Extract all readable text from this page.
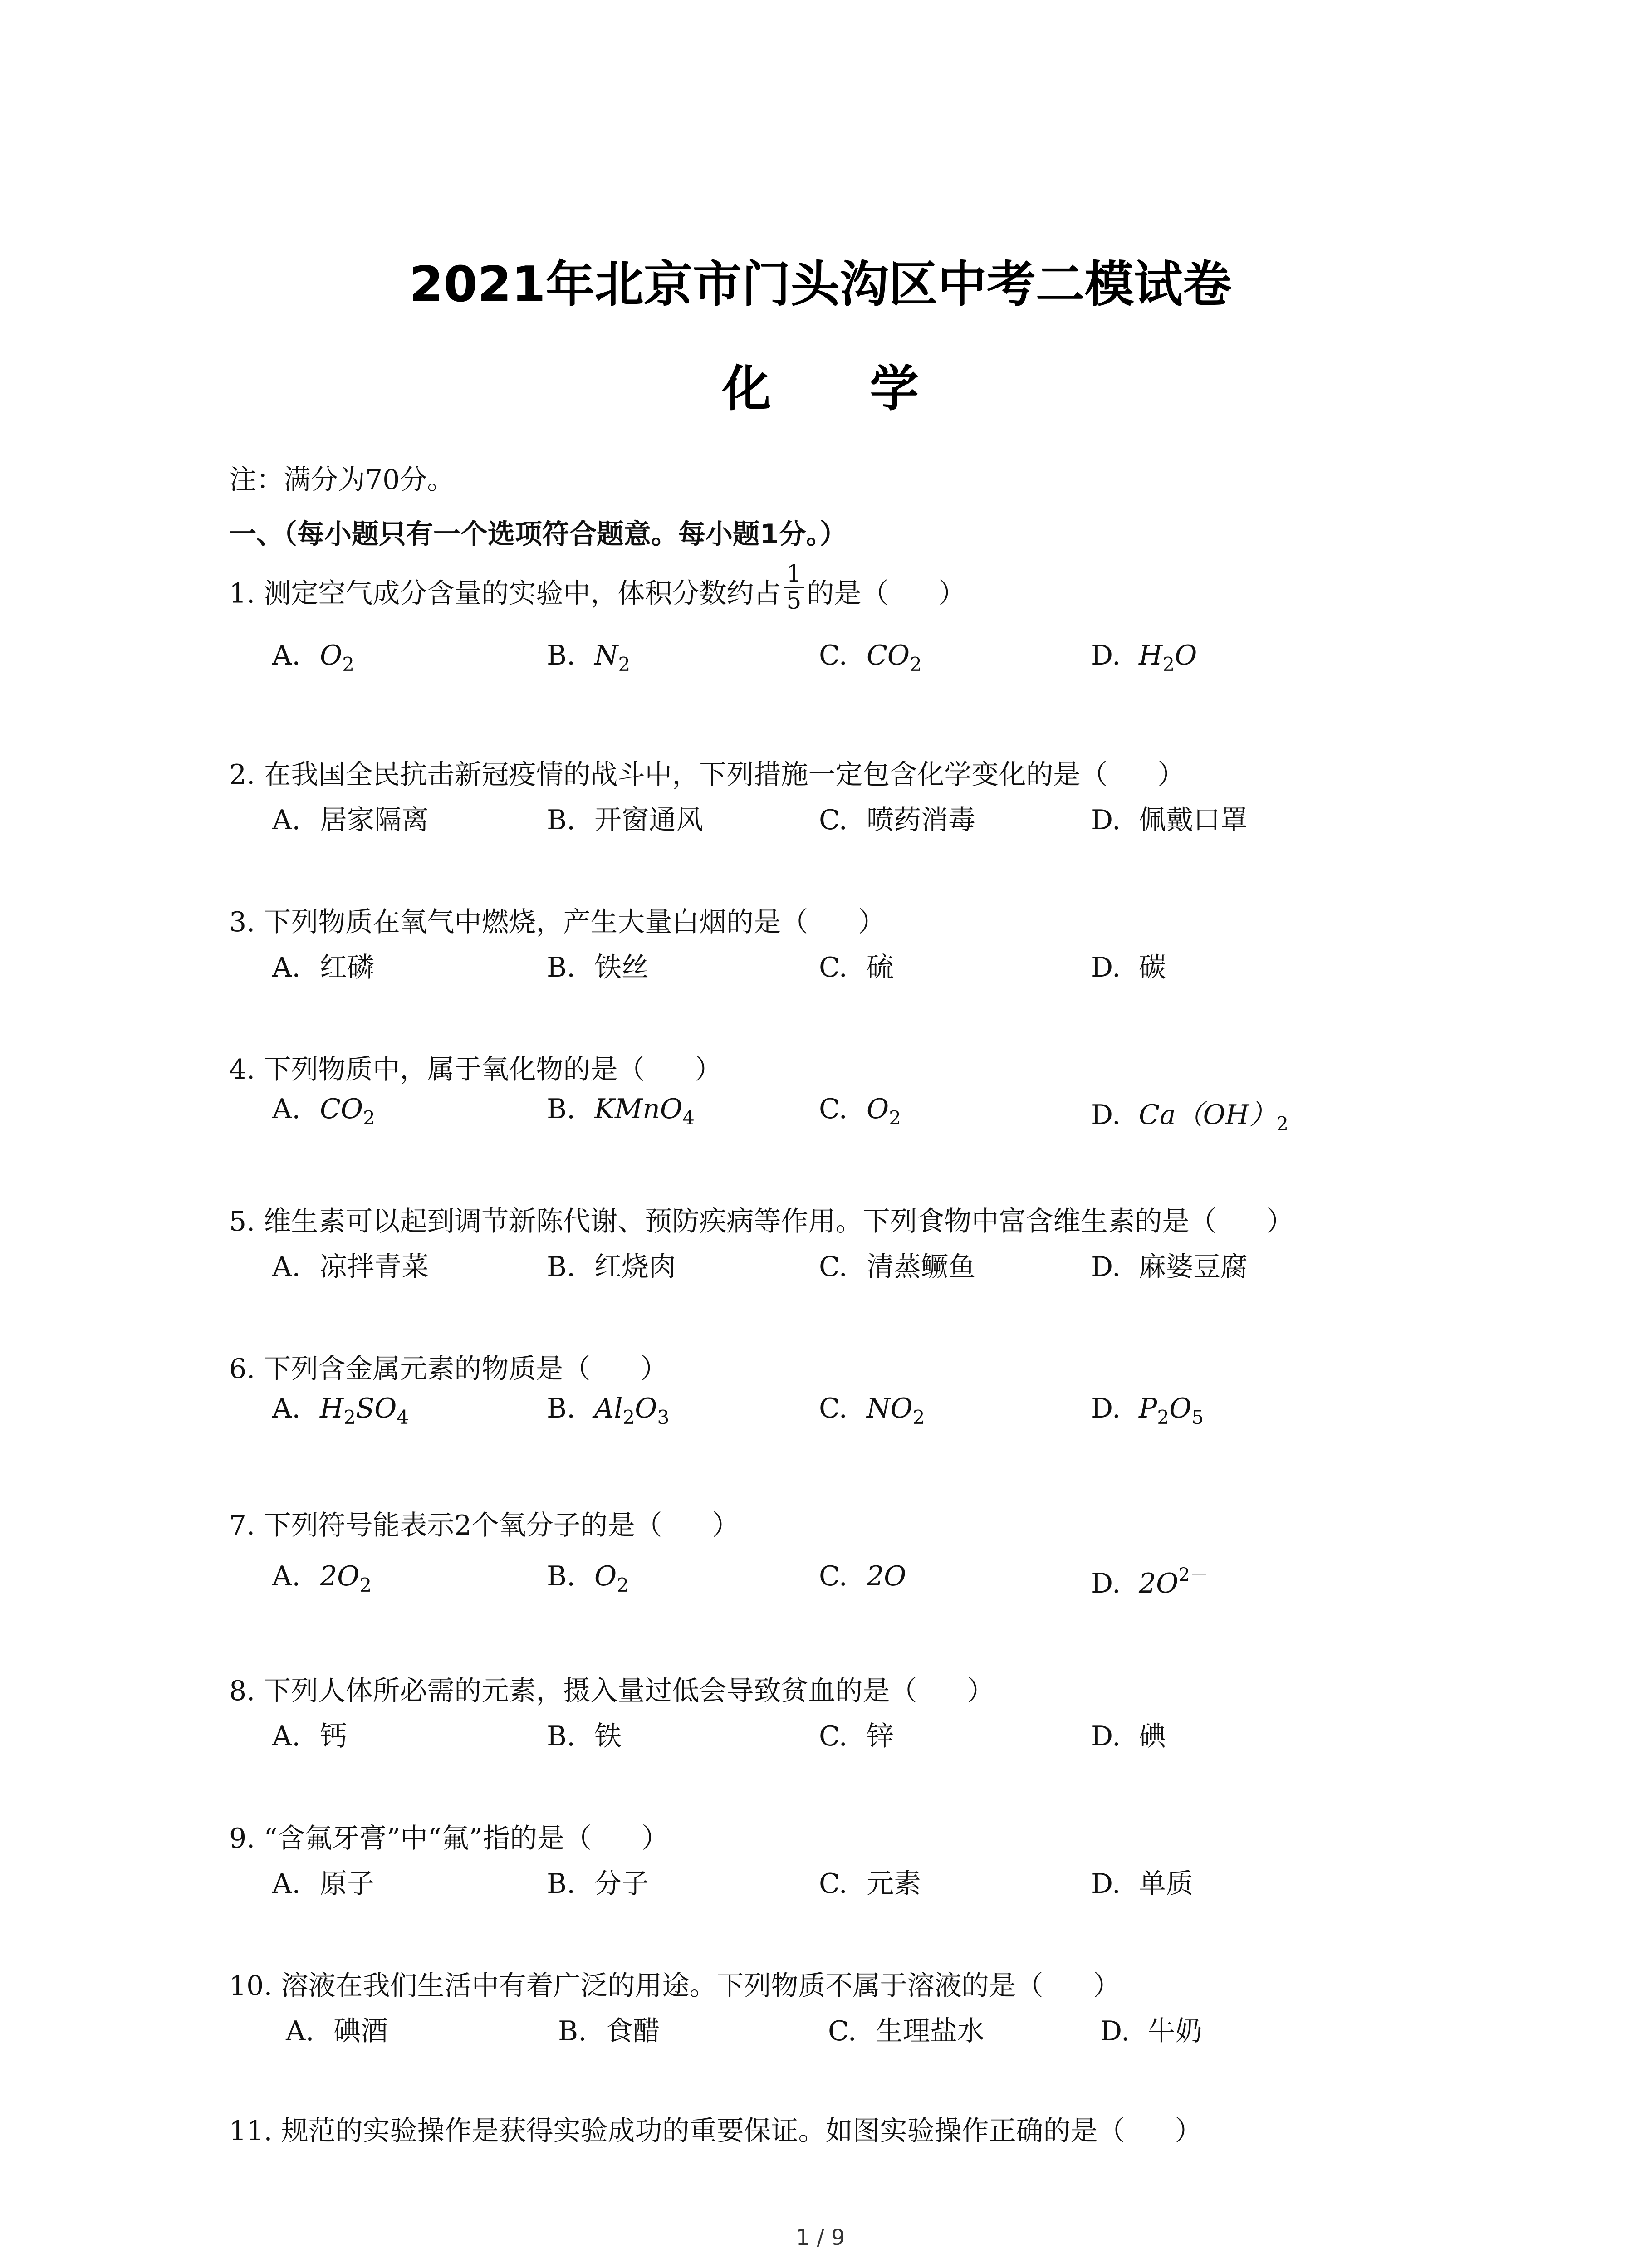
2021年北京市门头沟区中考二模试卷
化 学
注：满分为70分。
一、（每小题只有一个选项符合题意。每小题1分。）
1. 测定空气成分含量的实验中，体积分数约占 $\frac{1}{5}$ 的是（ ）
A. $O_2$	B. $N_2$	C. $CO_2$	D. $H_2O$
2. 在我国全民抗击新冠疫情的战斗中，下列措施一定包含化学变化的是（ ）
A. 居家隔离	B. 开窗通风	C. 喷药消毒	D. 佩戴口罩
3. 下列物质在氧气中燃烧，产生大量白烟的是（ ）
A. 红磷	B. 铁丝	C. 硫	D. 碳
4. 下列物质中，属于氧化物的是（ ）
A. $CO_2$	B. KMnO$_4$	C. $O_2$	D. $Ca(OH)_2$
5. 维生素可以起到调节新陈代谢、预防疾病等作用。下列食物中富含维生素的是（ ）
A. 凉拌青菜	B. 红烧肉	C. 清蒸鳜鱼	D. 麻婆豆腐
6. 下列含金属元素的物质是（ ）
A. $H_2SO_4$	B. $Al_2O_3$	C. $NO_2$	D. $P_2O_5$
7. 下列符号能表示2个氧分子的是（ ）
A. $2O_2$	B. $O_2$	C. 2O	D. $2O^{2-}$
8. 下列人体所必需的元素，摄入量过低会导致贫血的是（ ）
A. 钙	B. 铁	C. 锌	D. 碘
9. “含氟牙膏”中“氟”指的是（ ）
A. 原子	B. 分子	C. 元素	D. 单质
10. 溶液在我们生活中有着广泛的用途。下列物质不属于溶液的是（ ）
A. 碘酒	B. 食醋	C. 生理盐水	D. 牛奶
11. 规范的实验操作是获得实验成功的重要保证。如图实验操作正确的是（ ）
1 / 9
